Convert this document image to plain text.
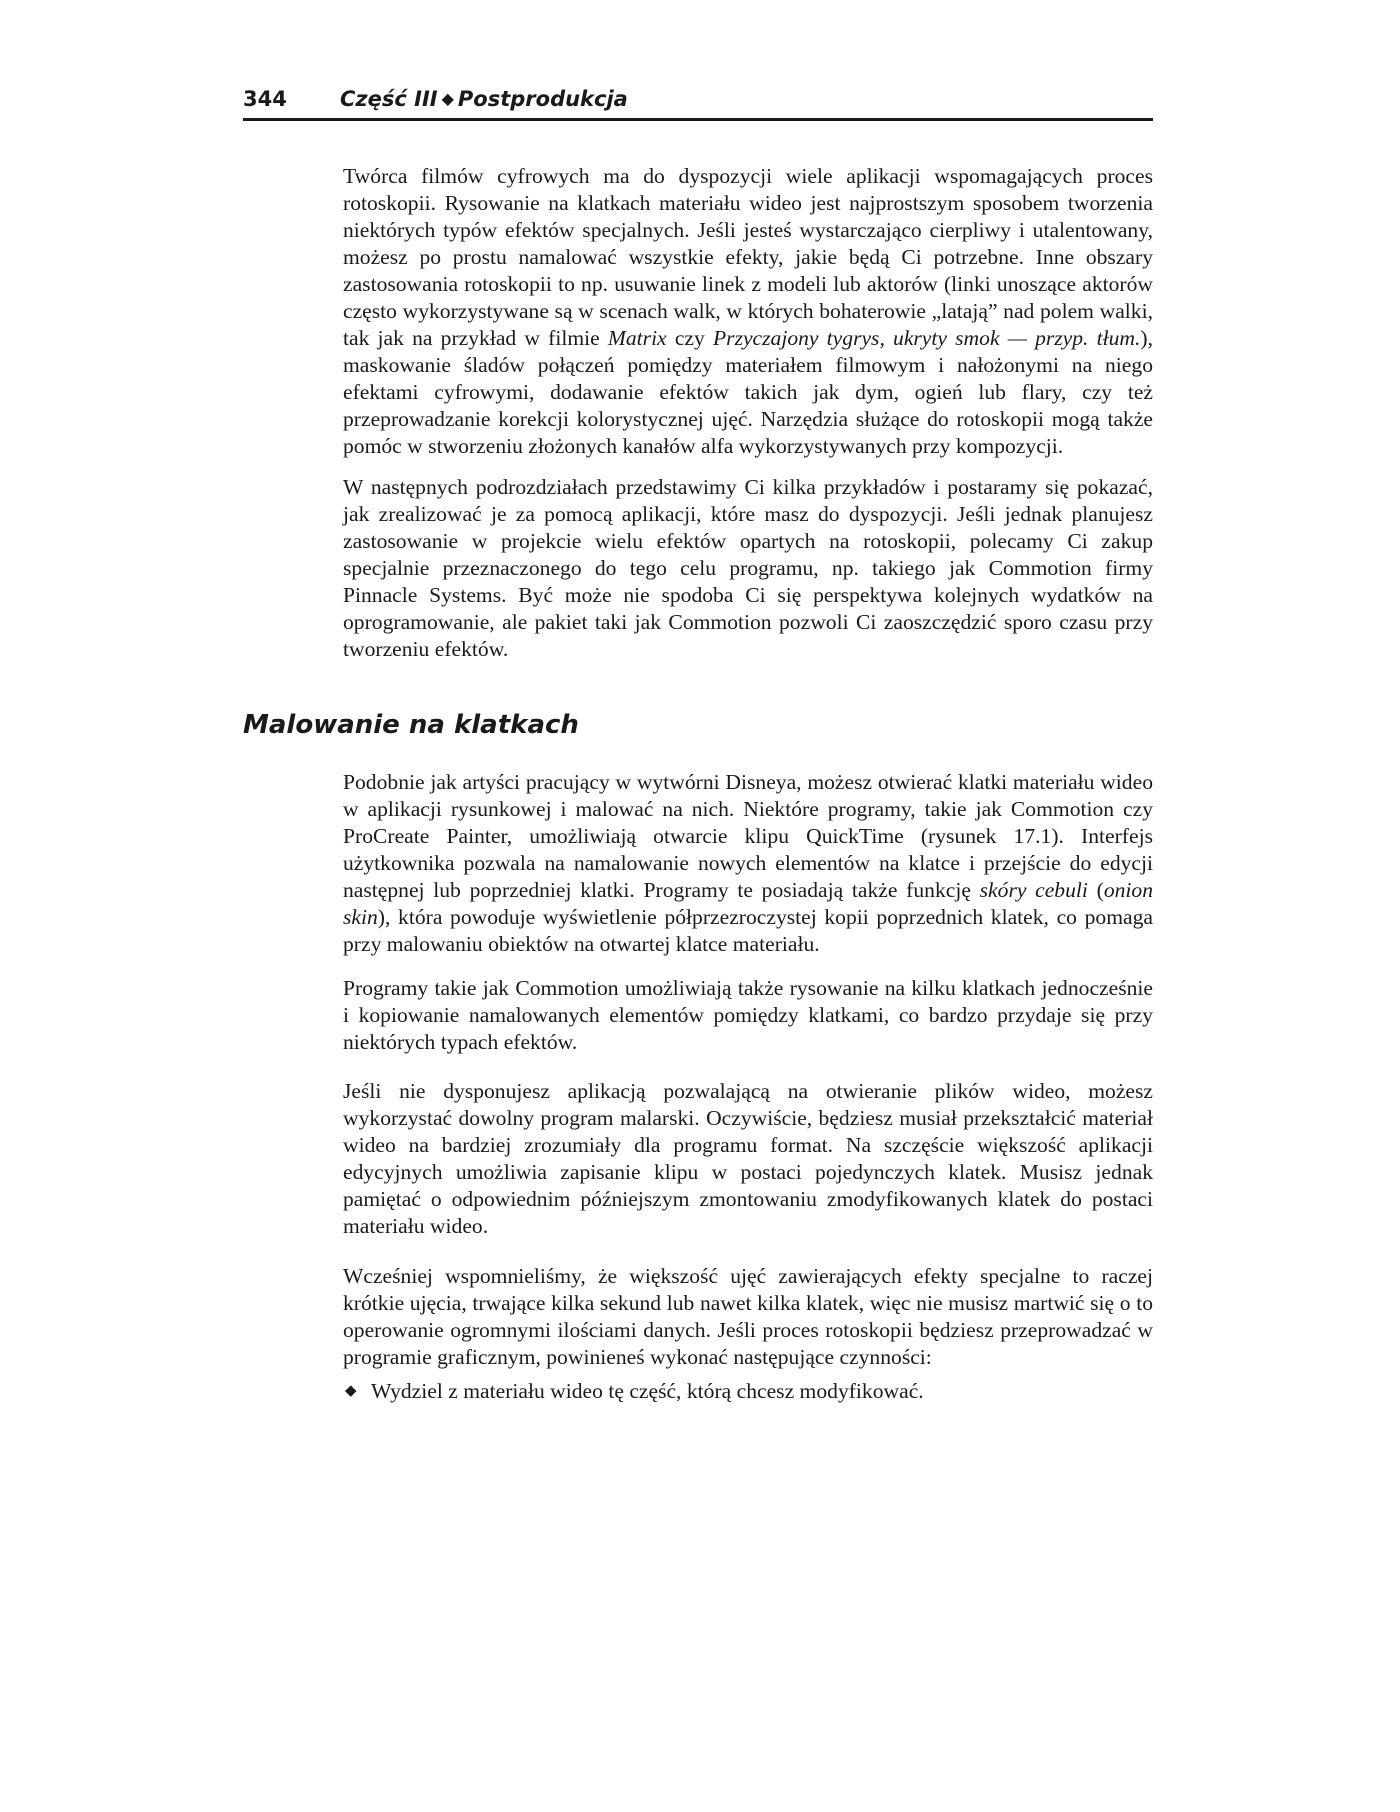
344	Część III ◆ Postprodukcja

Twórca filmów cyfrowych ma do dyspozycji wiele aplikacji wspomagających proces rotoskopii. Rysowanie na klatkach materiału wideo jest najprostszym sposobem tworzenia niektórych typów efektów specjalnych. Jeśli jesteś wystarczająco cierpliwy i utalentowany, możesz po prostu namalować wszystkie efekty, jakie będą Ci potrzebne. Inne obszary zastosowania rotoskopii to np. usuwanie linek z modeli lub aktorów (linki unoszące aktorów często wykorzystywane są w scenach walk, w których bohaterowie „latają” nad polem walki, tak jak na przykład w filmie Matrix czy Przyczajony tygrys, ukryty smok — przyp. tłum.), maskowanie śladów połączeń pomiędzy materiałem filmowym i nałożonymi na niego efektami cyfrowymi, dodawanie efektów takich jak dym, ogień lub flary, czy też przeprowadzanie korekcji kolorystycznej ujęć. Narzędzia służące do rotoskopii mogą także pomóc w stworzeniu złożonych kanałów alfa wykorzystywanych przy kompozycji.

W następnych podrozdziałach przedstawimy Ci kilka przykładów i postaramy się pokazać, jak zrealizować je za pomocą aplikacji, które masz do dyspozycji. Jeśli jednak planujesz zastosowanie w projekcie wielu efektów opartych na rotoskopii, polecamy Ci zakup specjalnie przeznaczonego do tego celu programu, np. takiego jak Commotion firmy Pinnacle Systems. Być może nie spodoba Ci się perspektywa kolejnych wydatków na oprogramowanie, ale pakiet taki jak Commotion pozwoli Ci zaoszczędzić sporo czasu przy tworzeniu efektów.

Malowanie na klatkach

Podobnie jak artyści pracujący w wytwórni Disneya, możesz otwierać klatki materiału wideo w aplikacji rysunkowej i malować na nich. Niektóre programy, takie jak Commotion czy ProCreate Painter, umożliwiają otwarcie klipu QuickTime (rysunek 17.1). Interfejs użytkownika pozwala na namalowanie nowych elementów na klatce i przejście do edycji następnej lub poprzedniej klatki. Programy te posiadają także funkcję skóry cebuli (onion skin), która powoduje wyświetlenie półprzezroczystej kopii poprzednich klatek, co pomaga przy malowaniu obiektów na otwartej klatce materiału.

Programy takie jak Commotion umożliwiają także rysowanie na kilku klatkach jednocześnie i kopiowanie namalowanych elementów pomiędzy klatkami, co bardzo przydaje się przy niektórych typach efektów.

Jeśli nie dysponujesz aplikacją pozwalającą na otwieranie plików wideo, możesz wykorzystać dowolny program malarski. Oczywiście, będziesz musiał przekształcić materiał wideo na bardziej zrozumiały dla programu format. Na szczęście większość aplikacji edycyjnych umożliwia zapisanie klipu w postaci pojedynczych klatek. Musisz jednak pamiętać o odpowiednim późniejszym zmontowaniu zmodyfikowanych klatek do postaci materiału wideo.

Wcześniej wspomnieliśmy, że większość ujęć zawierających efekty specjalne to raczej krótkie ujęcia, trwające kilka sekund lub nawet kilka klatek, więc nie musisz martwić się o to operowanie ogromnymi ilościami danych. Jeśli proces rotoskopii będziesz przeprowadzać w programie graficznym, powinieneś wykonać następujące czynności:

◆ Wydziel z materiału wideo tę część, którą chcesz modyfikować.
